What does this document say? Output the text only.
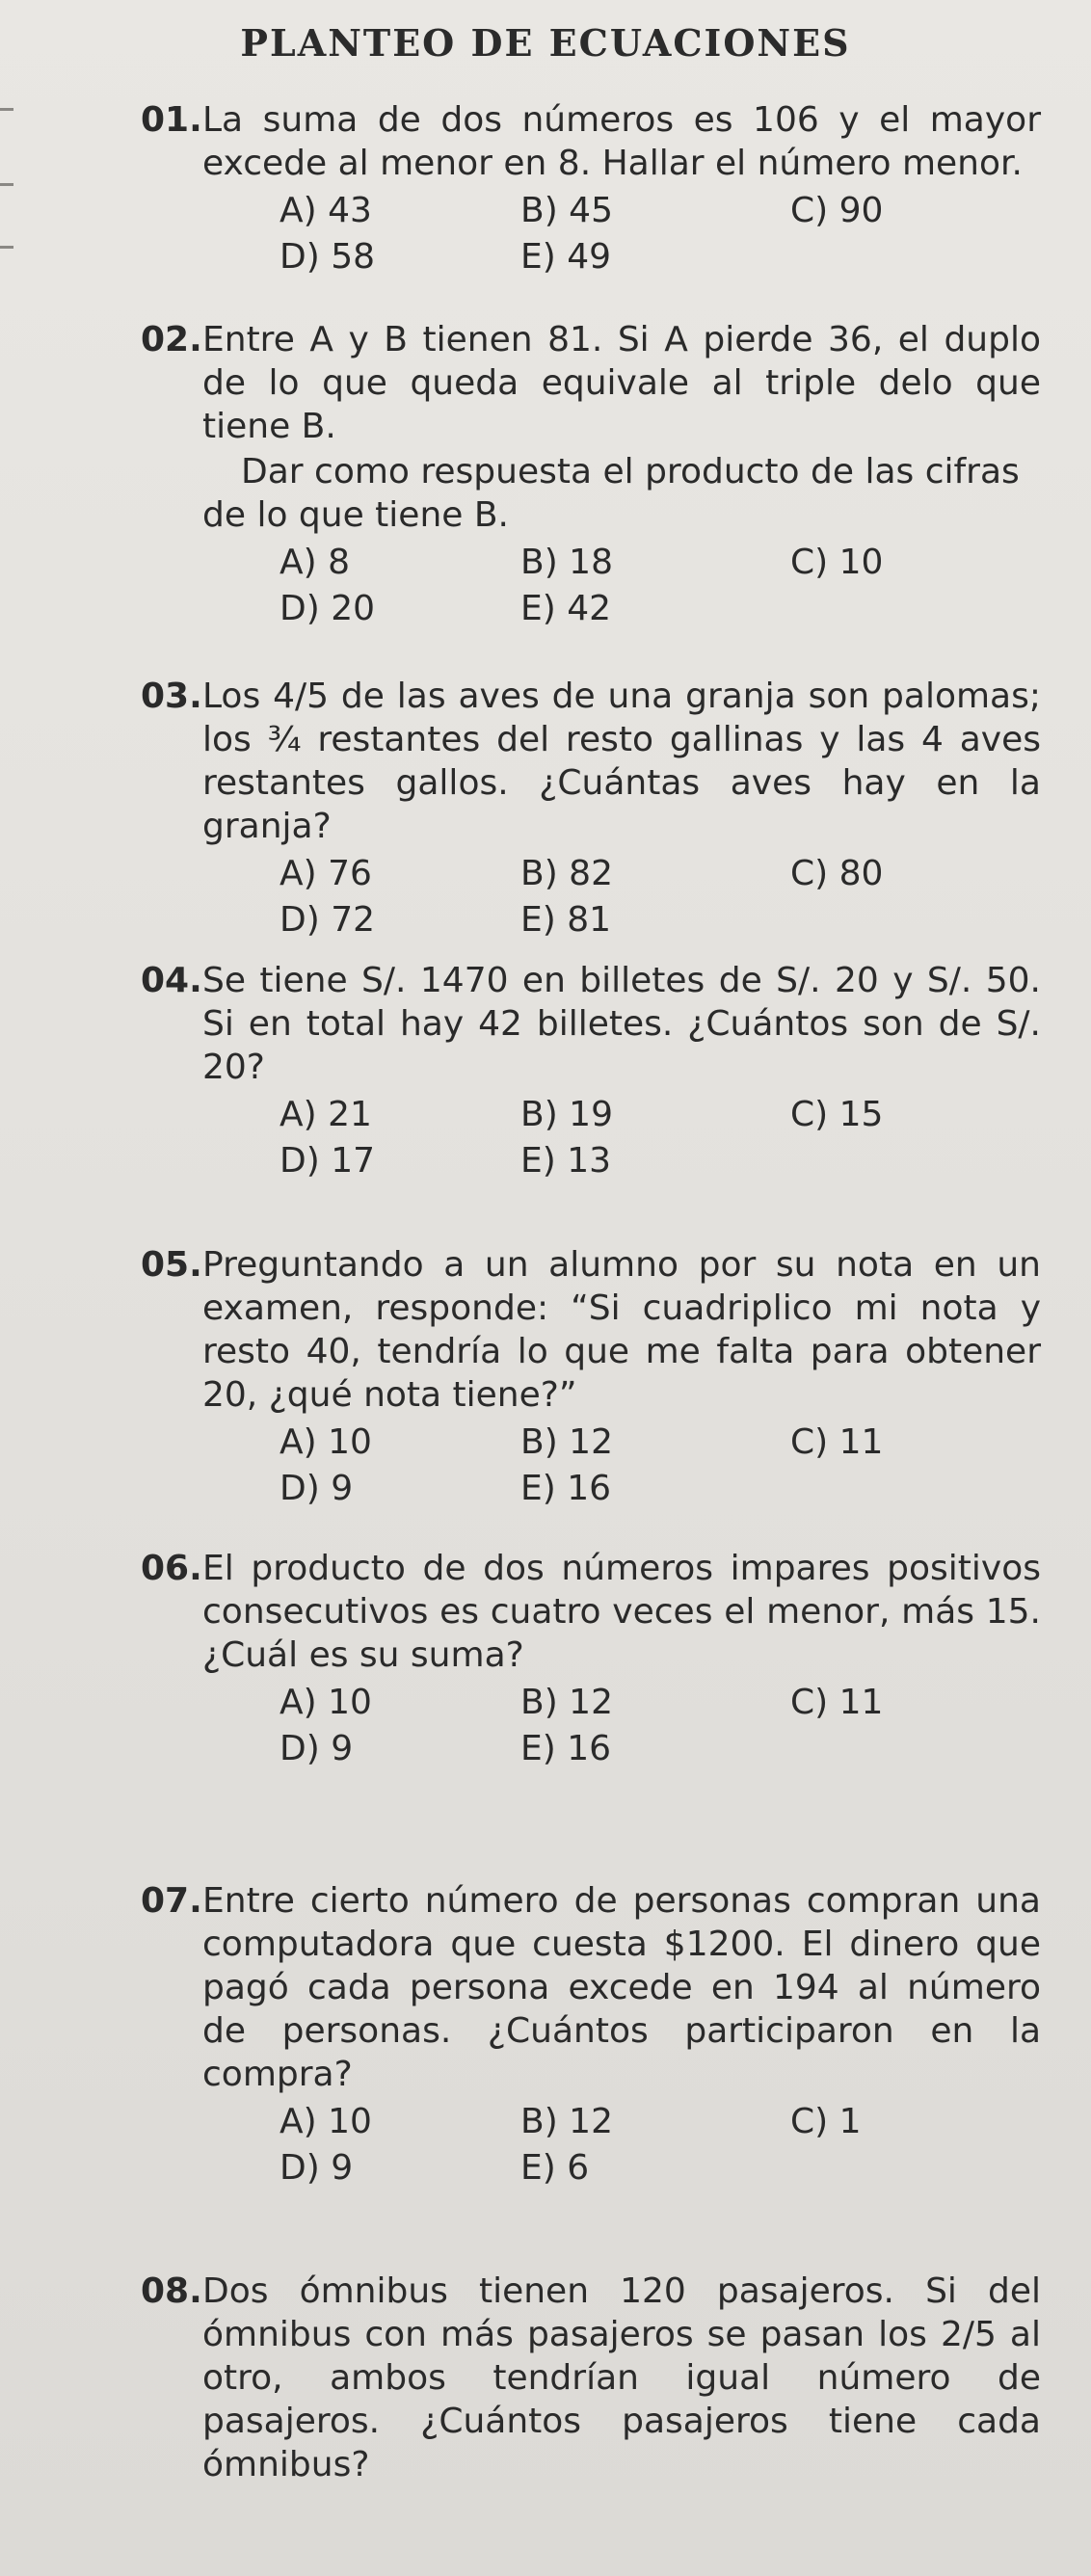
PLANTEO DE ECUACIONES
01.La suma de dos números es 106 y el mayor excede al menor en 8. Hallar el número menor.
A) 43	B) 45	C) 90
D) 58	E) 49
02.Entre A y B tienen 81. Si A pierde 36, el duplo de lo que queda equivale al triple delo que tiene B.
Dar como respuesta el producto de las cifras de lo que tiene B.
A) 8	B) 18	C) 10
D) 20	E) 42
03.Los 4/5 de las aves de una granja son palomas; los ¾ restantes del resto gallinas y las 4 aves restantes gallos. ¿Cuántas aves hay en la granja?
A) 76	B) 82	C) 80
D) 72	E) 81
04.Se tiene S/. 1470 en billetes de S/. 20 y S/. 50. Si en total hay 42 billetes. ¿Cuántos son de S/. 20?
A) 21	B) 19	C) 15
D) 17	E) 13
05.Preguntando a un alumno por su nota en un examen, responde: “Si cuadriplico mi nota y resto 40, tendría lo que me falta para obtener 20, ¿qué nota tiene?”
A) 10	B) 12	C) 11
D) 9	E) 16
06.El producto de dos números impares positivos consecutivos es cuatro veces el menor, más 15. ¿Cuál es su suma?
A) 10	B) 12	C) 11
D) 9	E) 16
07.Entre cierto número de personas compran una computadora que cuesta $1200. El dinero que pagó cada persona excede en 194 al número de personas. ¿Cuántos participaron en la compra?
A) 10	B) 12	C) 1
D) 9	E) 6
08.Dos ómnibus tienen 120 pasajeros. Si del ómnibus con más pasajeros se pasan los 2/5 al otro, ambos tendrían igual número de pasajeros. ¿Cuántos pasajeros tiene cada ómnibus?
